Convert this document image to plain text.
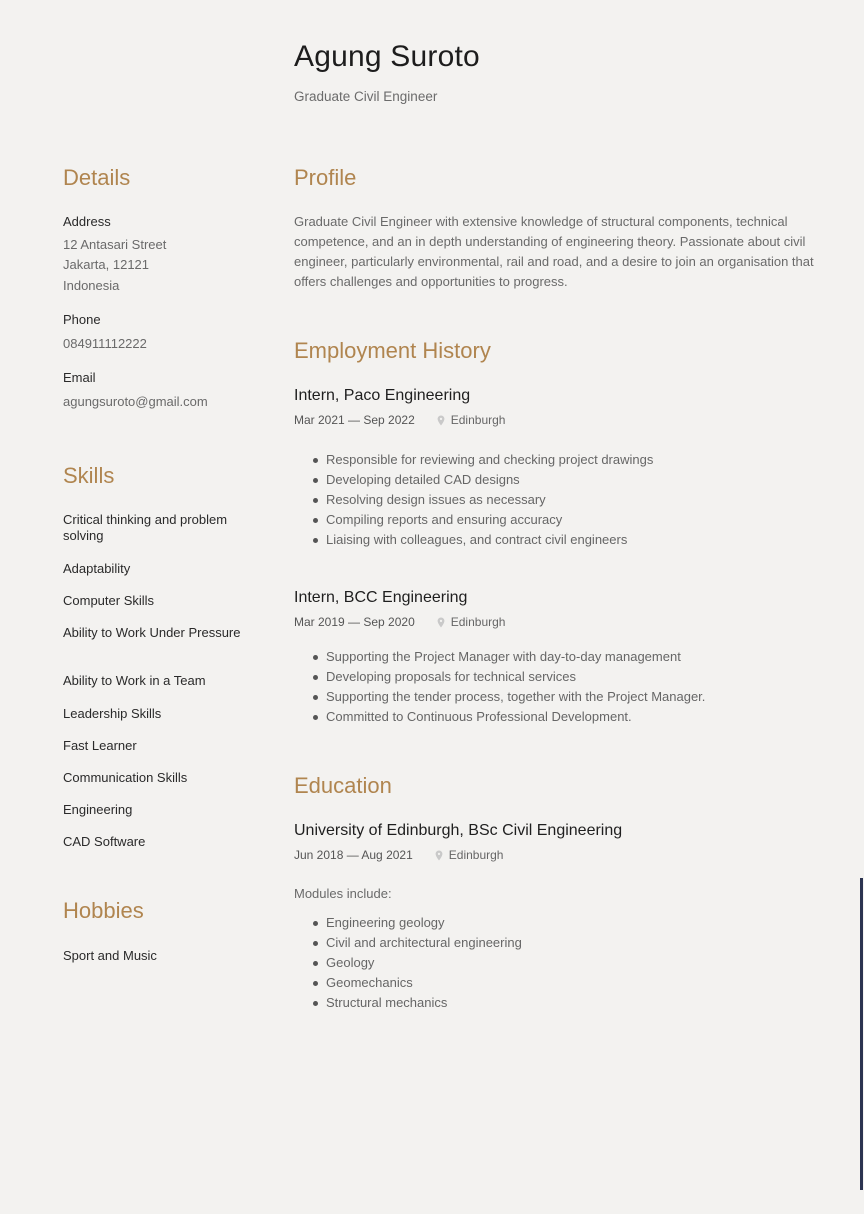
Agung Suroto
Graduate Civil Engineer
Details
Address
12 Antasari Street
Jakarta, 12121
Indonesia
Phone
084911112222
Email
agungsuroto@gmail.com
Skills
Critical thinking and problem solving
Adaptability
Computer Skills
Ability to Work Under Pressure
Ability to Work in a Team
Leadership Skills
Fast Learner
Communication Skills
Engineering
CAD Software
Hobbies
Sport and Music
Profile
Graduate Civil Engineer with extensive knowledge of structural components, technical competence, and an in depth understanding of engineering theory. Passionate about civil engineer, particularly environmental, rail and road, and a desire to join an organisation that offers challenges and opportunities to progress.
Employment History
Intern, Paco Engineering
Mar 2021 — Sep 2022	Edinburgh
Responsible for reviewing and checking project drawings
Developing detailed CAD designs
Resolving design issues as necessary
Compiling reports and ensuring accuracy
Liaising with colleagues, and contract civil engineers
Intern, BCC Engineering
Mar 2019 — Sep 2020	Edinburgh
Supporting the Project Manager with day-to-day management
Developing proposals for technical services
Supporting the tender process, together with the Project Manager.
Committed to Continuous Professional Development.
Education
University of Edinburgh, BSc Civil Engineering
Jun 2018 — Aug 2021	Edinburgh
Modules include:
Engineering geology
Civil and architectural engineering
Geology
Geomechanics
Structural mechanics
